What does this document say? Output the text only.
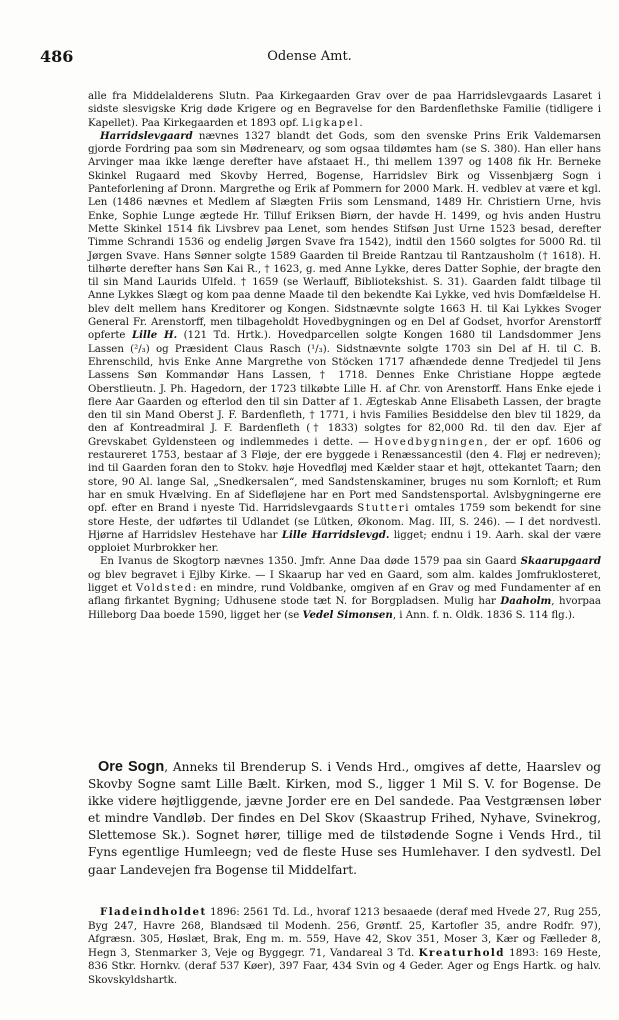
486	Odense Amt.

alle fra Middelalderens Slutn. Paa Kirkegaarden Grav over de paa Harridslevgaards Lasaret i sidste slesvigske Krig døde Krigere og en Begravelse for den Bardenflethske Familie (tidligere i Kapellet). Paa Kirkegaarden et 1893 opf. Ligkapel.

Harridslevgaard nævnes 1327 blandt det Gods, som den svenske Prins Erik Valdemarsen gjorde Fordring paa som sin Mødrenearv, og som ogsaa tildømtes ham (se S. 380). Han eller hans Arvinger maa ikke længe derefter have afstaaet H., thi mellem 1397 og 1408 fik Hr. Berneke Skinkel Rugaard med Skovby Herred, Bogense, Harridslev Birk og Vissenbjærg Sogn i Panteforlening af Dronn. Margrethe og Erik af Pommern for 2000 Mark. H. vedblev at være et kgl. Len (1486 nævnes et Medlem af Slægten Friis som Lensmand, 1489 Hr. Christiern Urne, hvis Enke, Sophie Lunge ægtede Hr. Tilluf Eriksen Biørn, der havde H. 1499, og hvis anden Hustru Mette Skinkel 1514 fik Livsbrev paa Lenet, som hendes Stifsøn Just Urne 1523 besad, derefter Timme Schrandi 1536 og endelig Jørgen Svave fra 1542), indtil den 1560 solgtes for 5000 Rd. til Jørgen Svave. Hans Sønner solgte 1589 Gaarden til Breide Rantzau til Rantzausholm († 1618). H. tilhørte derefter hans Søn Kai R., † 1623, g. med Anne Lykke, deres Datter Sophie, der bragte den til sin Mand Laurids Ulfeld. † 1659 (se Werlauff, Bibliotekshist. S. 31). Gaarden faldt tilbage til Anne Lykkes Slægt og kom paa denne Maade til den bekendte Kai Lykke, ved hvis Domfældelse H. blev delt mellem hans Kreditorer og Kongen. Sidstnævnte solgte 1663 H. til Kai Lykkes Svoger General Fr. Arenstorff, men tilbageholdt Hovedbygningen og en Del af Godset, hvorfor Arenstorff opferte Lille H. (121 Td. Hrtk.). Hovedparcellen solgte Kongen 1680 til Landsdommer Jens Lassen (²/₃) og Præsident Claus Rasch (¹/₃). Sidstnævnte solgte 1703 sin Del af H. til C. B. Ehrenschild, hvis Enke Anne Margrethe von Stöcken 1717 afhændede denne Tredjedel til Jens Lassens Søn Kommandør Hans Lassen, † 1718. Dennes Enke Christiane Hoppe ægtede Oberstlieutn. J. Ph. Hagedorn, der 1723 tilkøbte Lille H. af Chr. von Arenstorff. Hans Enke ejede i flere Aar Gaarden og efterlod den til sin Datter af 1. Ægteskab Anne Elisabeth Lassen, der bragte den til sin Mand Oberst J. F. Bardenfleth, † 1771, i hvis Families Besiddelse den blev til 1829, da den af Kontreadmiral J. F. Bardenfleth († 1833) solgtes for 82,000 Rd. til den dav. Ejer af Grevskabet Gyldensteen og indlemmedes i dette. — Hovedbygningen, der er opf. 1606 og restaureret 1753, bestaar af 3 Fløje, der ere byggede i Renæssancestil (den 4. Fløj er nedreven); ind til Gaarden foran den to Stokv. høje Hovedfløj med Kælder staar et højt, ottekantet Taarn; den store, 90 Al. lange Sal, „Snedkersalen“, med Sandstenskaminer, bruges nu som Kornloft; et Rum har en smuk Hvælving. En af Sidefløjene har en Port med Sandstensportal. Avlsbygningerne ere opf. efter en Brand i nyeste Tid. Harridslevgaards Stutteri omtales 1759 som bekendt for sine store Heste, der udførtes til Udlandet (se Lütken, Økonom. Mag. III, S. 246). — I det nordvestl. Hjørne af Harridslev Hestehave har Lille Harridslevgd. ligget; endnu i 19. Aarh. skal der være opploiet Murbrokker her.

En Ivanus de Skogtorp nævnes 1350. Jmfr. Anne Daa døde 1579 paa sin Gaard Skaarupgaard og blev begravet i Ejlby Kirke. — I Skaarup har ved en Gaard, som alm. kaldes Jomfruklosteret, ligget et Voldsted: en mindre, rund Voldbanke, omgiven af en Grav og med Fundamenter af en aflang firkantet Bygning; Udhusene stode tæt N. for Borgpladsen. Mulig har Daaholm, hvorpaa Hilleborg Daa boede 1590, ligget her (se Vedel Simonsen, i Ann. f. n. Oldk. 1836 S. 114 flg.).

Ore Sogn, Anneks til Brenderup S. i Vends Hrd., omgives af dette, Haarslev og Skovby Sogne samt Lille Bælt. Kirken, mod S., ligger 1 Mil S. V. for Bogense. De ikke videre højtliggende, jævne Jorder ere en Del sandede. Paa Vestgrænsen løber et mindre Vandløb. Der findes en Del Skov (Skaastrup Frihed, Nyhave, Svinekrog, Slettemose Sk.). Sognet hører, tillige med de tilstødende Sogne i Vends Hrd., til Fyns egentlige Humleegn; ved de fleste Huse ses Humlehaver. I den sydvestl. Del gaar Landevejen fra Bogense til Middelfart.

Fladeindholdet 1896: 2561 Td. Ld., hvoraf 1213 besaaede (deraf med Hvede 27, Rug 255, Byg 247, Havre 268, Blandsæd til Modenh. 256, Grøntf. 25, Kartofler 35, andre Rodfr. 97), Afgræsn. 305, Høslæt, Brak, Eng m. m. 559, Have 42, Skov 351, Moser 3, Kær og Fælleder 8, Hegn 3, Stenmarker 3, Veje og Byggegr. 71, Vandareal 3 Td. Kreaturhold 1893: 169 Heste, 836 Stkr. Hornkv. (deraf 537 Køer), 397 Faar, 434 Svin og 4 Geder. Ager og Engs Hartk. og halv. Skovskyldshartk.
